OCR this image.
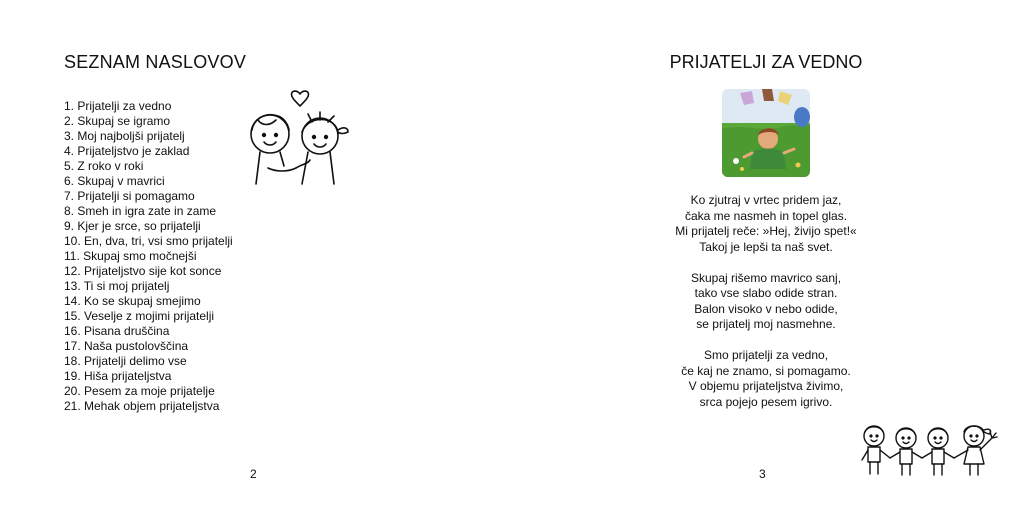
SEZNAM NASLOVOV
1. Prijatelji za vedno
2. Skupaj se igramo
3. Moj najboljši prijatelj
4. Prijateljstvo je zaklad
5. Z roko v roki
6. Skupaj v mavrici
7. Prijatelji si pomagamo
8. Smeh in igra zate in zame
9. Kjer je srce, so prijatelji
10. En, dva, tri, vsi smo prijatelji
11. Skupaj smo močnejši
12. Prijateljstvo sije kot sonce
13. Ti si moj prijatelj
14. Ko se skupaj smejimo
15. Veselje z mojimi prijatelji
16. Pisana druščina
17. Naša pustolovščina
18. Prijatelji delimo vse
19. Hiša prijateljstva
20. Pesem za moje prijatelje
21. Mehak objem prijateljstva
2
PRIJATELJI ZA VEDNO
Ko zjutraj v vrtec pridem jaz,
čaka me nasmeh in topel glas.
Mi prijatelj reče: »Hej, živijo spet!«
Takoj je lepši ta naš svet.
Skupaj rišemo mavrico sanj,
tako vse slabo odide stran.
Balon visoko v nebo odide,
se prijatelj moj nasmehne.
Smo prijatelji za vedno,
če kaj ne znamo, si pomagamo.
V objemu prijateljstva živimo,
srca pojejo pesem igrivo.
3
